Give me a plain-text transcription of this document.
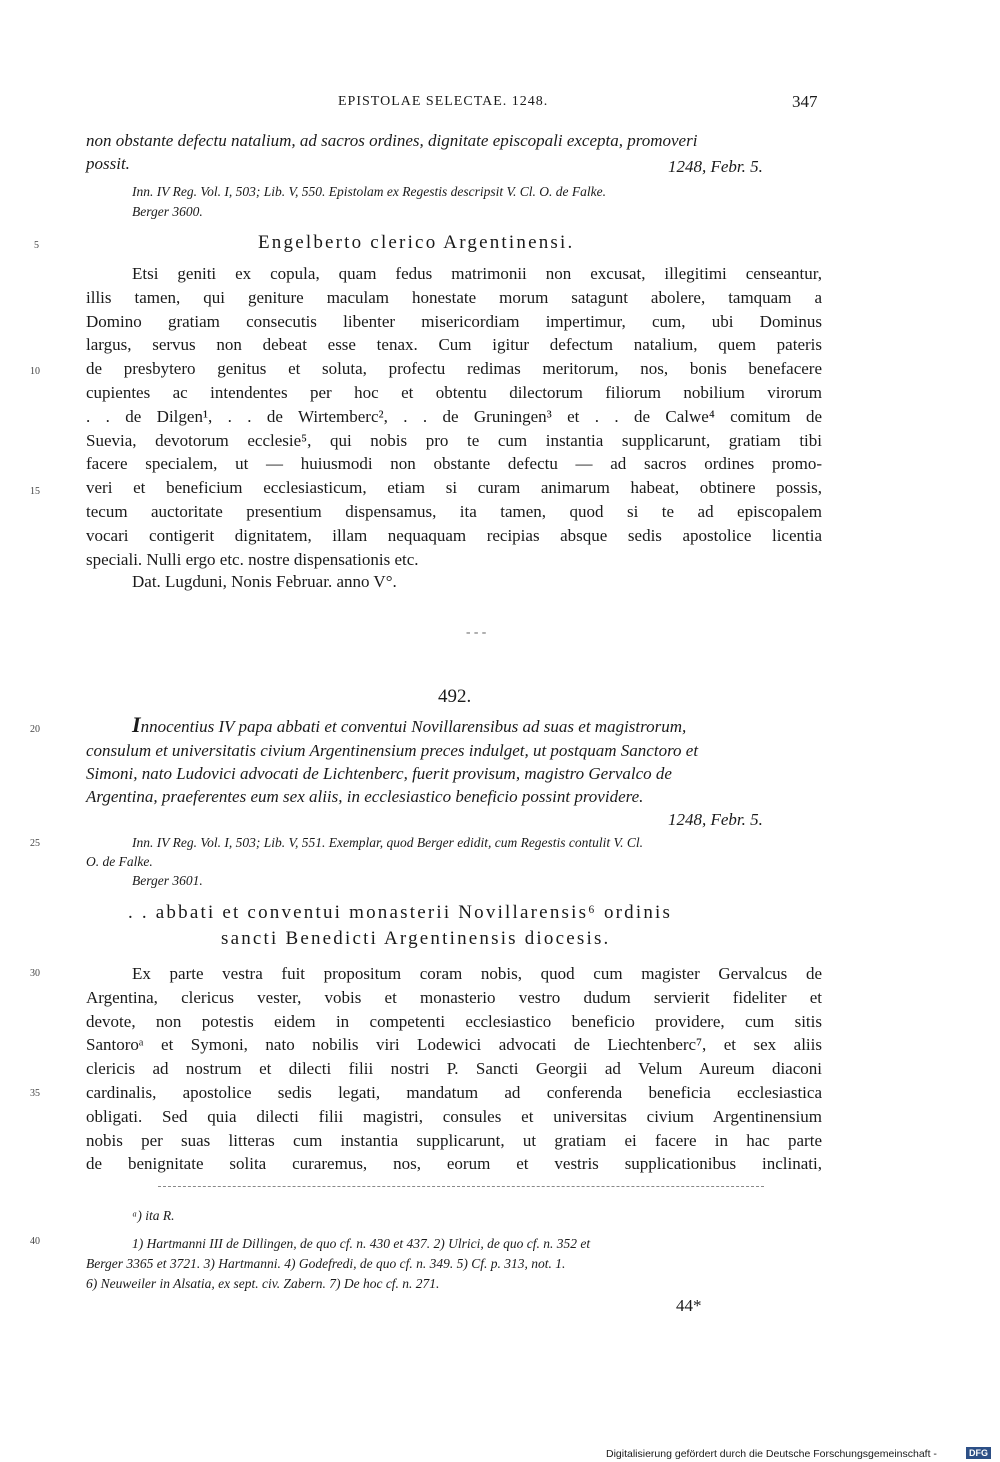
EPISTOLAE SELECTAE. 1248.	347
non obstante defectu natalium, ad sacros ordines, dignitate episcopali excepta, promoveri
possit.	1248, Febr. 5.
Inn. IV Reg. Vol. I, 503; Lib. V, 550. Epistolam ex Regestis descripsit V. Cl. O. de Falke.
Berger 3600.
Engelberto clerico Argentinensi.
Etsi geniti ex copula, quam fedus matrimonii non excusat, illegitimi censeantur,
illis tamen, qui geniture maculam honestate morum satagunt abolere, tamquam a
Domino gratiam consecutis libenter misericordiam impertimur, cum, ubi Dominus
largus, servus non debeat esse tenax. Cum igitur defectum natalium, quem pateris
de presbytero genitus et soluta, profectu redimas meritorum, nos, bonis benefacere
cupientes ac intendentes per hoc et obtentu dilectorum filiorum nobilium virorum
. . de Dilgen¹, . . de Wirtemberc², . . de Gruningen³ et . . de Calwe⁴ comitum de
Suevia, devotorum ecclesie⁵, qui nobis pro te cum instantia supplicarunt, gratiam tibi
facere specialem, ut — huiusmodi non obstante defectu — ad sacros ordines promo-
veri et beneficium ecclesiasticum, etiam si curam animarum habeat, obtinere possis,
tecum auctoritate presentium dispensamus, ita tamen, quod si te ad episcopalem
vocari contigerit dignitatem, illam nequaquam recipias absque sedis apostolice licentia
speciali. Nulli ergo etc. nostre dispensationis etc.
Dat. Lugduni, Nonis Februar. anno V°.
- - -
492.
Innocentius IV papa abbati et conventui Novillarensibus ad suas et magistrorum,
consulum et universitatis civium Argentinensium preces indulget, ut postquam Sanctoro et
Simoni, nato Ludovici advocati de Lichtenberc, fuerit provisum, magistro Gervalco de
Argentina, praeferentes eum sex aliis, in ecclesiastico beneficio possint providere.
1248, Febr. 5.
Inn. IV Reg. Vol. I, 503; Lib. V, 551. Exemplar, quod Berger edidit, cum Regestis contulit V. Cl.
O. de Falke.
Berger 3601.
. . abbati et conventui monasterii Novillarensis⁶ ordinis
sancti Benedicti Argentinensis diocesis.
Ex parte vestra fuit propositum coram nobis, quod cum magister Gervalcus de
Argentina, clericus vester, vobis et monasterio vestro dudum servierit fideliter et
devote, non potestis eidem in competenti ecclesiastico beneficio providere, cum sitis
Santoroᵃ et Symoni, nato nobilis viri Lodewici advocati de Liechtenberc⁷, et sex aliis
clericis ad nostrum et dilecti filii nostri P. Sancti Georgii ad Velum Aureum diaconi
cardinalis, apostolice sedis legati, mandatum ad conferenda beneficia ecclesiastica
obligati. Sed quia dilecti filii magistri, consules et universitas civium Argentinensium
nobis per suas litteras cum instantia supplicarunt, ut gratiam ei facere in hac parte
de benignitate solita curaremus, nos, eorum et vestris supplicationibus inclinati,
ᵃ) ita R.
1) Hartmanni III de Dillingen, de quo cf. n. 430 et 437. 2) Ulrici, de quo cf. n. 352 et
Berger 3365 et 3721. 3) Hartmanni. 4) Godefredi, de quo cf. n. 349. 5) Cf. p. 313, not. 1.
6) Neuweiler in Alsatia, ex sept. civ. Zabern. 7) De hoc cf. n. 271.
44*
5
10
15
20
25
30
35
40
Digitalisierung gefördert durch die Deutsche Forschungsgemeinschaft -	DFG
